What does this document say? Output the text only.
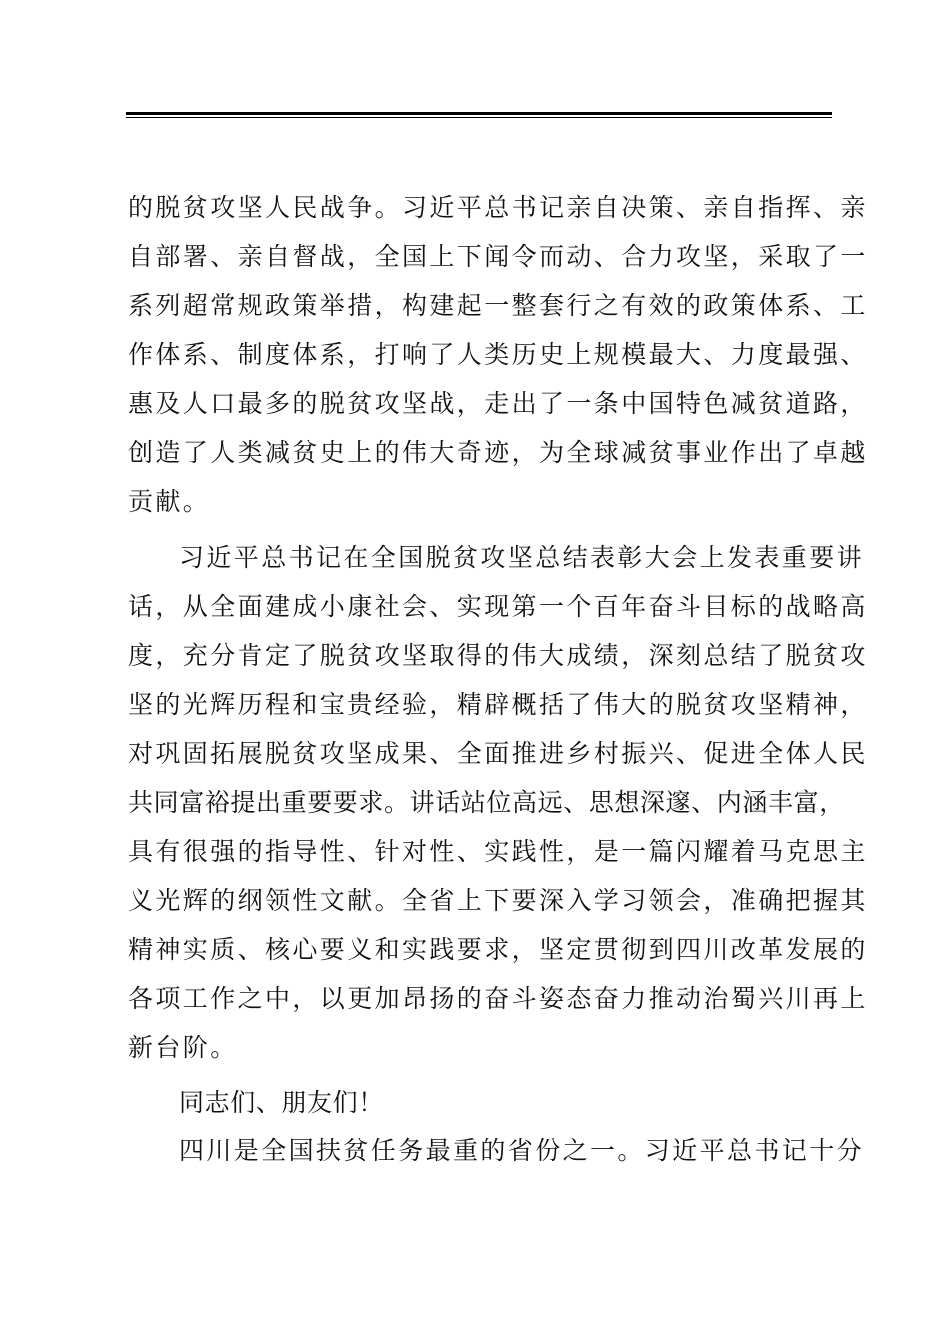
的脱贫攻坚人民战争。习近平总书记亲自决策、亲自指挥、亲
自部署、亲自督战，全国上下闻令而动、合力攻坚，采取了一
系列超常规政策举措，构建起一整套行之有效的政策体系、工
作体系、制度体系，打响了人类历史上规模最大、力度最强、
惠及人口最多的脱贫攻坚战，走出了一条中国特色减贫道路，
创造了人类减贫史上的伟大奇迹，为全球减贫事业作出了卓越
贡献。
习近平总书记在全国脱贫攻坚总结表彰大会上发表重要讲
话，从全面建成小康社会、实现第一个百年奋斗目标的战略高
度，充分肯定了脱贫攻坚取得的伟大成绩，深刻总结了脱贫攻
坚的光辉历程和宝贵经验，精辟概括了伟大的脱贫攻坚精神，
对巩固拓展脱贫攻坚成果、全面推进乡村振兴、促进全体人民
共同富裕提出重要要求。讲话站位高远、思想深邃、内涵丰富，
具有很强的指导性、针对性、实践性，是一篇闪耀着马克思主
义光辉的纲领性文献。全省上下要深入学习领会，准确把握其
精神实质、核心要义和实践要求，坚定贯彻到四川改革发展的
各项工作之中，以更加昂扬的奋斗姿态奋力推动治蜀兴川再上
新台阶。
同志们、朋友们！
四川是全国扶贫任务最重的省份之一。习近平总书记十分
